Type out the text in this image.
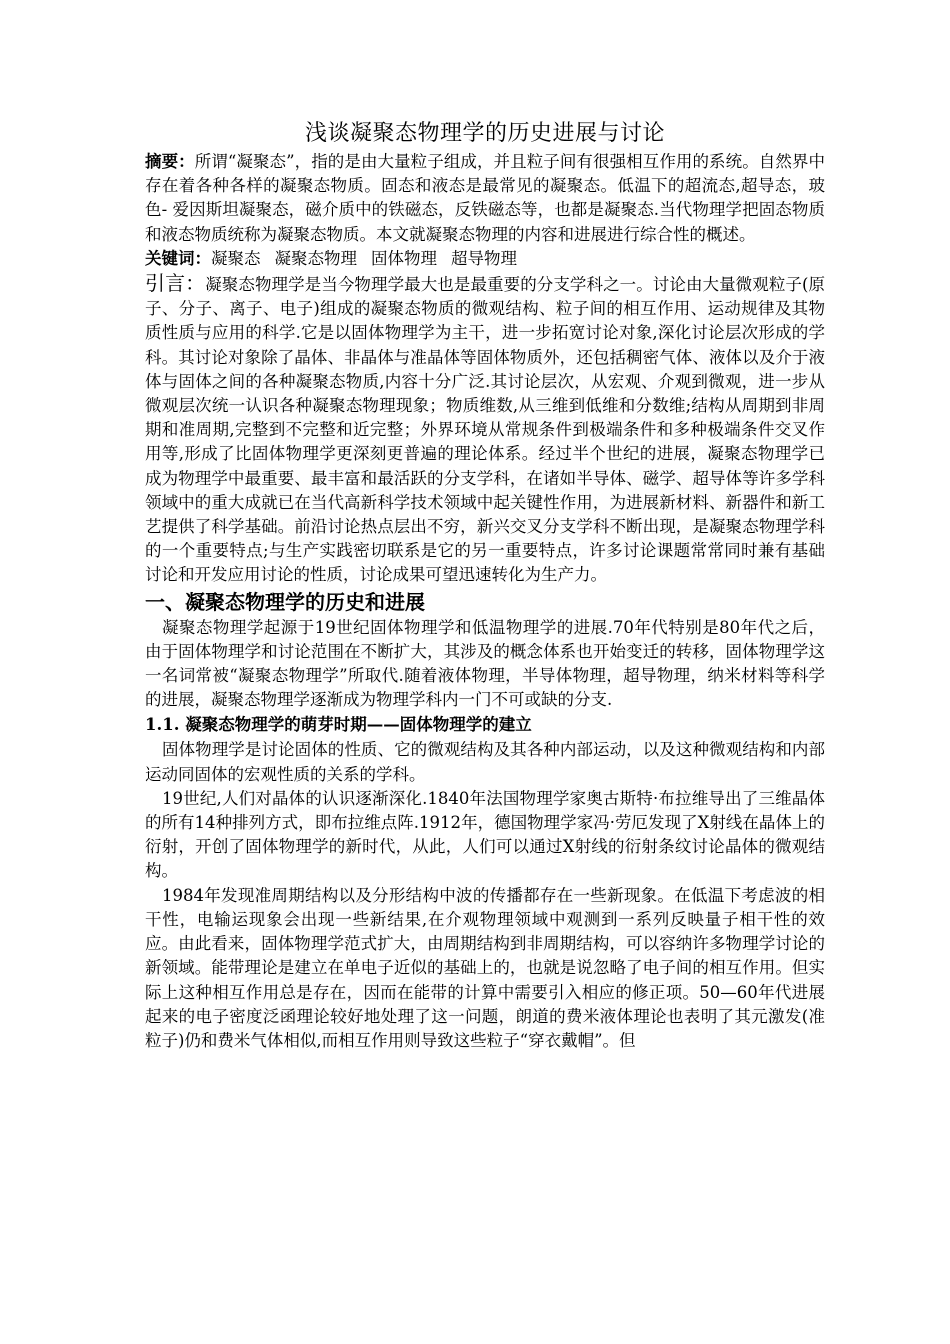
浅谈凝聚态物理学的历史进展与讨论

摘要：所谓“凝聚态”，指的是由大量粒子组成，并且粒子间有很强相互作用的系统。自然界中存在着各种各样的凝聚态物质。固态和液态是最常见的凝聚态。低温下的超流态,超导态，玻色- 爱因斯坦凝聚态，磁介质中的铁磁态，反铁磁态等，也都是凝聚态.当代物理学把固态物质和液态物质统称为凝聚态物质。本文就凝聚态物理的内容和进展进行综合性的概述。

关键词：凝聚态 凝聚态物理 固体物理 超导物理

引言：凝聚态物理学是当今物理学最大也是最重要的分支学科之一。讨论由大量微观粒子(原子、分子、离子、电子)组成的凝聚态物质的微观结构、粒子间的相互作用、运动规律及其物质性质与应用的科学.它是以固体物理学为主干，进一步拓宽讨论对象,深化讨论层次形成的学科。其讨论对象除了晶体、非晶体与准晶体等固体物质外，还包括稠密气体、液体以及介于液体与固体之间的各种凝聚态物质,内容十分广泛.其讨论层次，从宏观、介观到微观，进一步从微观层次统一认识各种凝聚态物理现象；物质维数,从三维到低维和分数维;结构从周期到非周期和准周期,完整到不完整和近完整；外界环境从常规条件到极端条件和多种极端条件交叉作用等,形成了比固体物理学更深刻更普遍的理论体系。经过半个世纪的进展，凝聚态物理学已成为物理学中最重要、最丰富和最活跃的分支学科，在诸如半导体、磁学、超导体等许多学科领域中的重大成就已在当代高新科学技术领域中起关键性作用，为进展新材料、新器件和新工艺提供了科学基础。前沿讨论热点层出不穷，新兴交叉分支学科不断出现，是凝聚态物理学科的一个重要特点;与生产实践密切联系是它的另一重要特点，许多讨论课题常常同时兼有基础讨论和开发应用讨论的性质，讨论成果可望迅速转化为生产力。

一、凝聚态物理学的历史和进展

凝聚态物理学起源于19世纪固体物理学和低温物理学的进展.70年代特别是80年代之后， 由于固体物理学和讨论范围在不断扩大，其涉及的概念体系也开始变迁的转移，固体物理学这一名词常被“凝聚态物理学”所取代.随着液体物理，半导体物理，超导物理，纳米材料等科学的进展，凝聚态物理学逐渐成为物理学科内一门不可或缺的分支.

1.1. 凝聚态物理学的萌芽时期——固体物理学的建立

固体物理学是讨论固体的性质、它的微观结构及其各种内部运动，以及这种微观结构和内部运动同固体的宏观性质的关系的学科。

19世纪,人们对晶体的认识逐渐深化.1840年法国物理学家奥古斯特·布拉维导出了三维晶体的所有14种排列方式，即布拉维点阵.1912年，德国物理学家冯·劳厄发现了X射线在晶体上的衍射，开创了固体物理学的新时代，从此，人们可以通过X射线的衍射条纹讨论晶体的微观结构。

1984年发现准周期结构以及分形结构中波的传播都存在一些新现象。在低温下考虑波的相干性，电输运现象会出现一些新结果,在介观物理领域中观测到一系列反映量子相干性的效应。由此看来，固体物理学范式扩大，由周期结构到非周期结构，可以容纳许多物理学讨论的新领域。能带理论是建立在单电子近似的基础上的，也就是说忽略了电子间的相互作用。但实际上这种相互作用总是存在，因而在能带的计算中需要引入相应的修正项。50—60年代进展起来的电子密度泛函理论较好地处理了这一问题，朗道的费米液体理论也表明了其元激发(准粒子)仍和费米气体相似,而相互作用则导致这些粒子“穿衣戴帽”。但
